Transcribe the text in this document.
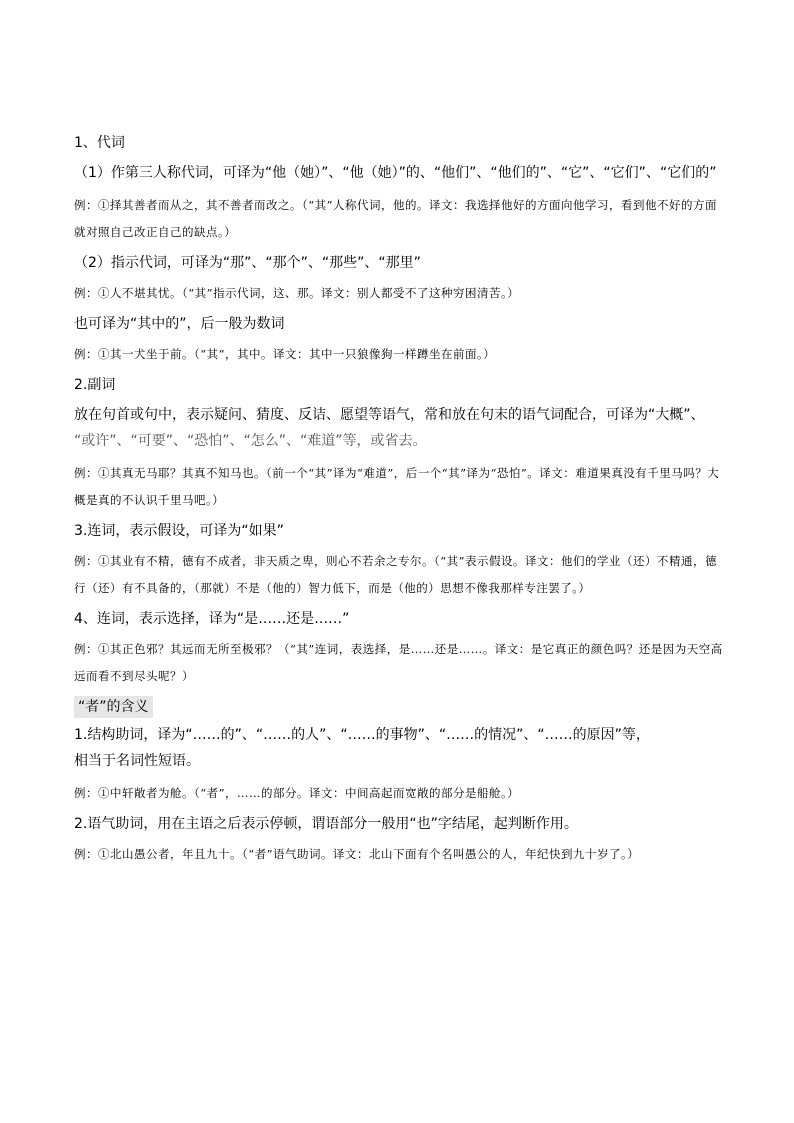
1、代词

（1）作第三人称代词，可译为“他（她）”、“他（她）”的、“他们”、“他们的”、“它”、“它们”、“它们的”

例：①择其善者而从之，其不善者而改之。（“其”人称代词，他的。译文：我选择他好的方面向他学习，看到他不好的方面就对照自己改正自己的缺点。）

（2）指示代词，可译为“那”、“那个”、“那些”、“那里”

例：①人不堪其忧。（“其”指示代词，这、那。译文：别人都受不了这种穷困清苦。）

也可译为“其中的”，后一般为数词

例：①其一犬坐于前。（“其”，其中。译文：其中一只狼像狗一样蹲坐在前面。）

2.副词

放在句首或句中，表示疑问、猜度、反诘、愿望等语气，常和放在句末的语气词配合，可译为“大概”、

“或许”、“可要”、“恐怕”、“怎么”、“难道”等，或省去。

例：①其真无马耶？其真不知马也。（前一个“其”译为“难道”，后一个“其”译为“恐怕”。译文：难道果真没有千里马吗？大概是真的不认识千里马吧。）

3.连词，表示假设，可译为“如果”

例：①其业有不精，德有不成者，非天质之卑，则心不若余之专尔。（“其”表示假设。译文：他们的学业（还）不精通，德行（还）有不具备的，（那就）不是（他的）智力低下，而是（他的）思想不像我那样专注罢了。）

4、连词，表示选择，译为“是……还是……”

例：①其正色邪？其远而无所至极邪？（“其”连词，表选择，是……还是……。译文：是它真正的颜色吗？还是因为天空高远而看不到尽头呢？）

“者”的含义

1.结构助词，译为“……的”、“……的人”、“……的事物”、“……的情况”、“……的原因”等，

相当于名词性短语。

例：①中轩敞者为舱。（“者”，……的部分。译文：中间高起而宽敞的部分是船舱。）

2.语气助词，用在主语之后表示停顿，谓语部分一般用“也”字结尾，起判断作用。

例：①北山愚公者，年且九十。（“者”语气助词。译文：北山下面有个名叫愚公的人，年纪快到九十岁了。）
